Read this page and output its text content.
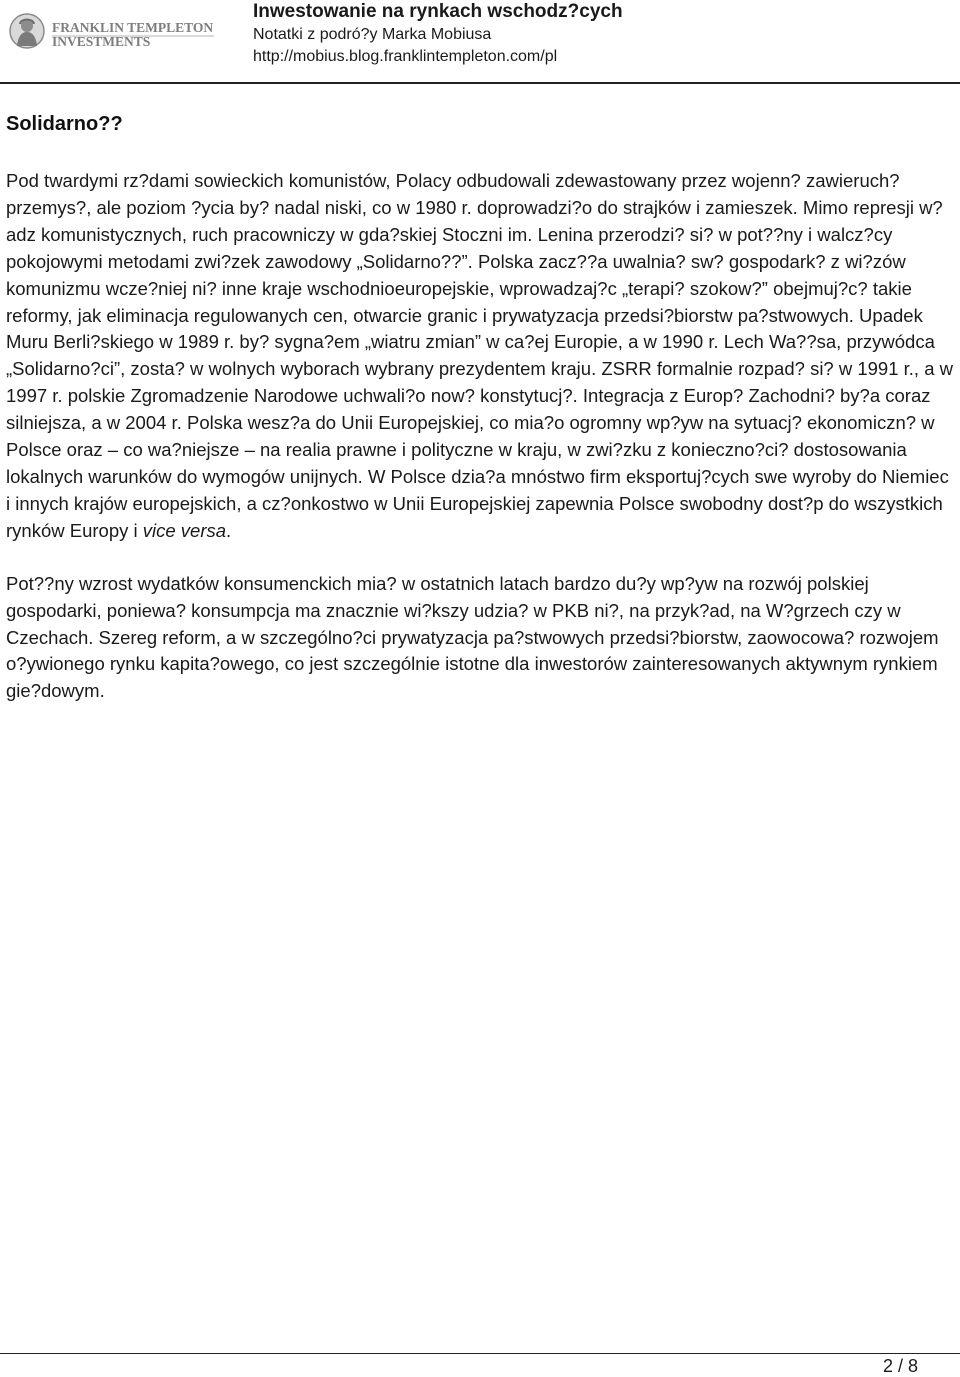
FRANKLIN TEMPLETON
INVESTMENTS
Inwestowanie na rynkach wschodz?cych
Notatki z podró?y Marka Mobiusa
http://mobius.blog.franklintempleton.com/pl
Solidarno??

Pod twardymi rz?dami sowieckich komunistów, Polacy odbudowali zdewastowany przez wojenn? zawieruch? przemys?, ale poziom ?ycia by? nadal niski, co w 1980 r. doprowadzi?o do strajków i zamieszek. Mimo represji w?adz komunistycznych, ruch pracowniczy w gda?skiej Stoczni im. Lenina przerodzi? si? w pot??ny i walcz?cy pokojowymi metodami zwi?zek zawodowy „Solidarno??”. Polska zacz??a uwalnia? sw? gospodark? z wi?zów komunizmu wcze?niej ni? inne kraje wschodnioeuropejskie, wprowadzaj?c „terapi? szokow?” obejmuj?c? takie reformy, jak eliminacja regulowanych cen, otwarcie granic i prywatyzacja przedsi?biorstw pa?stwowych. Upadek Muru Berli?skiego w 1989 r. by? sygna?em „wiatru zmian” w ca?ej Europie, a w 1990 r. Lech Wa??sa, przywódca „Solidarno?ci”, zosta? w wolnych wyborach wybrany prezydentem kraju. ZSRR formalnie rozpad? si? w 1991 r., a w 1997 r. polskie Zgromadzenie Narodowe uchwali?o now? konstytucj?. Integracja z Europ? Zachodni? by?a coraz silniejsza, a w 2004 r. Polska wesz?a do Unii Europejskiej, co mia?o ogromny wp?yw na sytuacj? ekonomiczn? w Polsce oraz – co wa?niejsze – na realia prawne i polityczne w kraju, w zwi?zku z konieczno?ci? dostosowania lokalnych warunków do wymogów unijnych. W Polsce dzia?a mnóstwo firm eksportuj?cych swe wyroby do Niemiec i innych krajów europejskich, a cz?onkostwo w Unii Europejskiej zapewnia Polsce swobodny dost?p do wszystkich rynków Europy i vice versa.

Pot??ny wzrost wydatków konsumenckich mia? w ostatnich latach bardzo du?y wp?yw na rozwój polskiej gospodarki, poniewa? konsumpcja ma znacznie wi?kszy udzia? w PKB ni?, na przyk?ad, na W?grzech czy w Czechach. Szereg reform, a w szczególno?ci prywatyzacja pa?stwowych przedsi?biorstw, zaowocowa? rozwojem o?ywionego rynku kapita?owego, co jest szczególnie istotne dla inwestorów zainteresowanych aktywnym rynkiem gie?dowym.

2 / 8
